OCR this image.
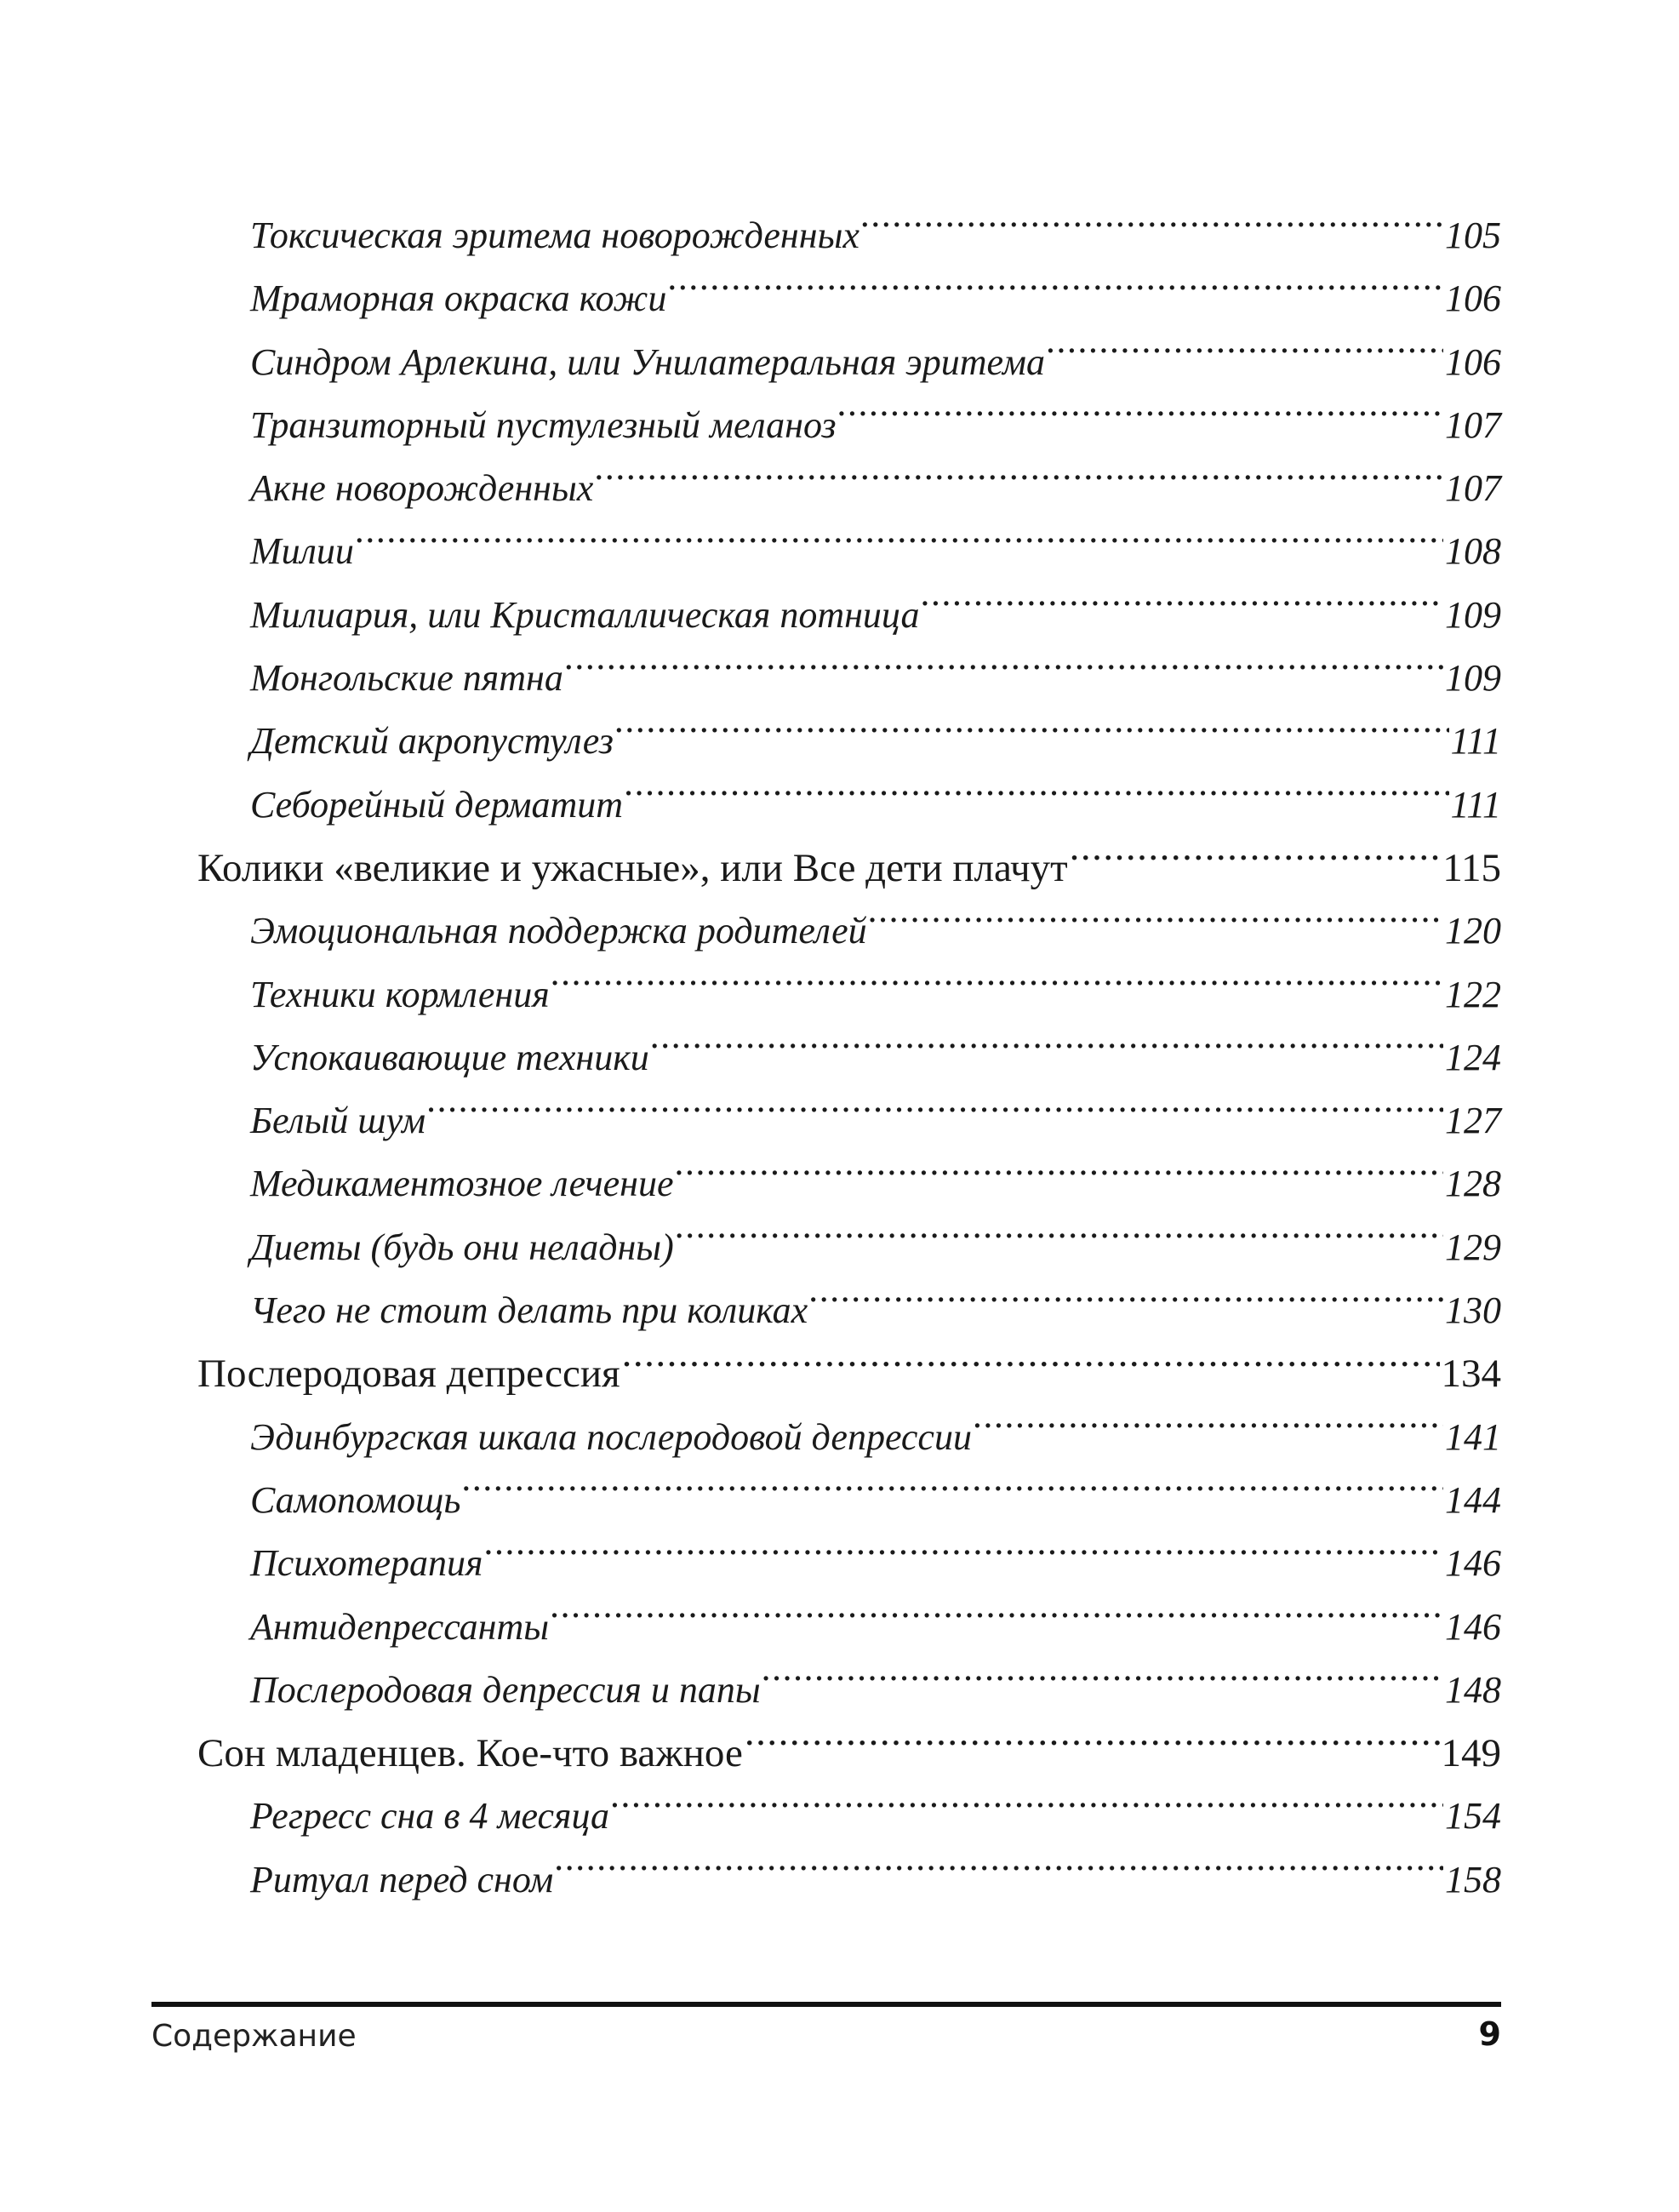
Токсическая эритема новорожденных .....	105
Мраморная окраска кожи .....	106
Синдром Арлекина, или Унилатеральная эритема .....	106
Транзиторный пустулезный меланоз .....	107
Акне новорожденных .....	107
Милии .....	108
Милиария, или Кристаллическая потница .....	109
Монгольские пятна .....	109
Детский акропустулез .....	111
Себорейный дерматит .....	111
Колики «великие и ужасные», или Все дети плачут .....	115
Эмоциональная поддержка родителей .....	120
Техники кормления .....	122
Успокаивающие техники .....	124
Белый шум .....	127
Медикаментозное лечение .....	128
Диеты (будь они неладны) .....	129
Чего не стоит делать при коликах .....	130
Послеродовая депрессия .....	134
Эдинбургская шкала послеродовой депрессии .....	141
Самопомощь .....	144
Психотерапия .....	146
Антидепрессанты .....	146
Послеродовая депрессия и папы .....	148
Сон младенцев. Кое-что важное .....	149
Регресс сна в 4 месяца .....	154
Ритуал перед сном .....	158
Содержание	9
